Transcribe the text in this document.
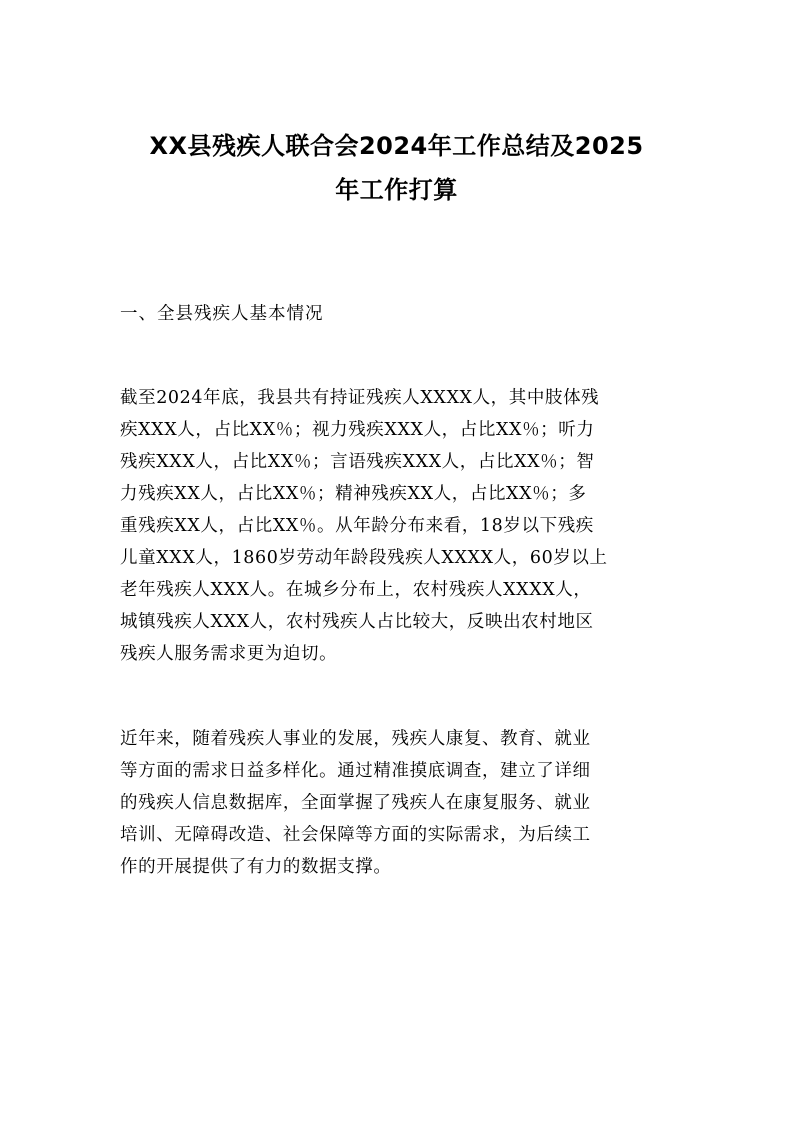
XX县残疾人联合会2024年工作总结及2025
年工作打算

一、全县残疾人基本情况

截至2024年底，我县共有持证残疾人XXXX人，其中肢体残
疾XXX人，占比XX％；视力残疾XXX人，占比XX％；听力
残疾XXX人，占比XX％；言语残疾XXX人，占比XX％；智
力残疾XX人，占比XX％；精神残疾XX人，占比XX％；多
重残疾XX人，占比XX％。从年龄分布来看，18岁以下残疾
儿童XXX人，1860岁劳动年龄段残疾人XXXX人，60岁以上
老年残疾人XXX人。在城乡分布上，农村残疾人XXXX人，
城镇残疾人XXX人，农村残疾人占比较大，反映出农村地区
残疾人服务需求更为迫切。

近年来，随着残疾人事业的发展，残疾人康复、教育、就业
等方面的需求日益多样化。通过精准摸底调查，建立了详细
的残疾人信息数据库，全面掌握了残疾人在康复服务、就业
培训、无障碍改造、社会保障等方面的实际需求，为后续工
作的开展提供了有力的数据支撑。
